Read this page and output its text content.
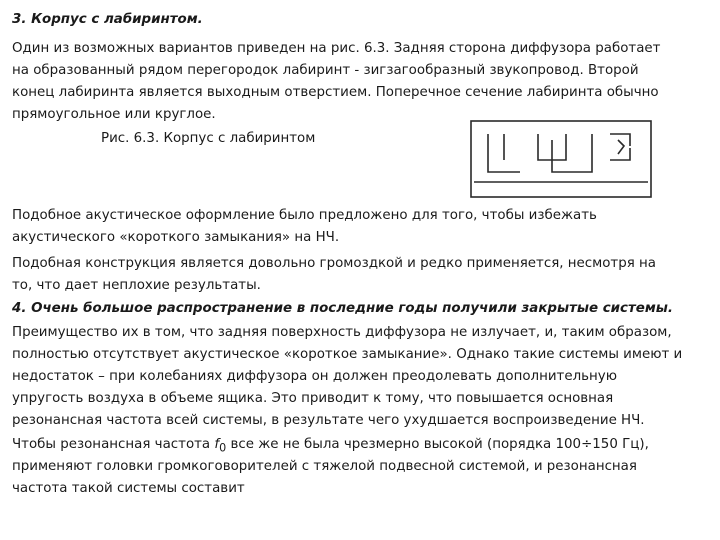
3. Корпус с лабиринтом.
Один из возможных вариантов приведен на рис. 6.3. Задняя сторона диффузора работает
на образованный рядом перегородок лабиринт - зигзагообразный звукопровод. Второй
конец лабиринта является выходным отверстием. Поперечное сечение лабиринта обычно
прямоугольное или круглое.
Рис. 6.3. Корпус с лабиринтом
Подобное акустическое оформление было предложено для того, чтобы избежать
акустического «короткого замыкания» на НЧ.
Подобная конструкция является довольно громоздкой и редко применяется, несмотря на
то, что дает неплохие результаты.
4. Очень большое распространение в последние годы получили закрытые системы.
Преимущество их в том, что задняя поверхность диффузора не излучает, и, таким образом,
полностью отсутствует акустическое «короткое замыкание». Однако такие системы имеют и
недостаток – при колебаниях диффузора он должен преодолевать дополнительную
упругость воздуха в объеме ящика. Это приводит к тому, что повышается основная
резонансная частота всей системы, в результате чего ухудшается воспроизведение НЧ.
Чтобы резонансная частота $f_0$ все же не была чрезмерно высокой (порядка 100÷150 Гц),
применяют головки громкоговорителей с тяжелой подвесной системой, и резонансная
частота такой системы составит
